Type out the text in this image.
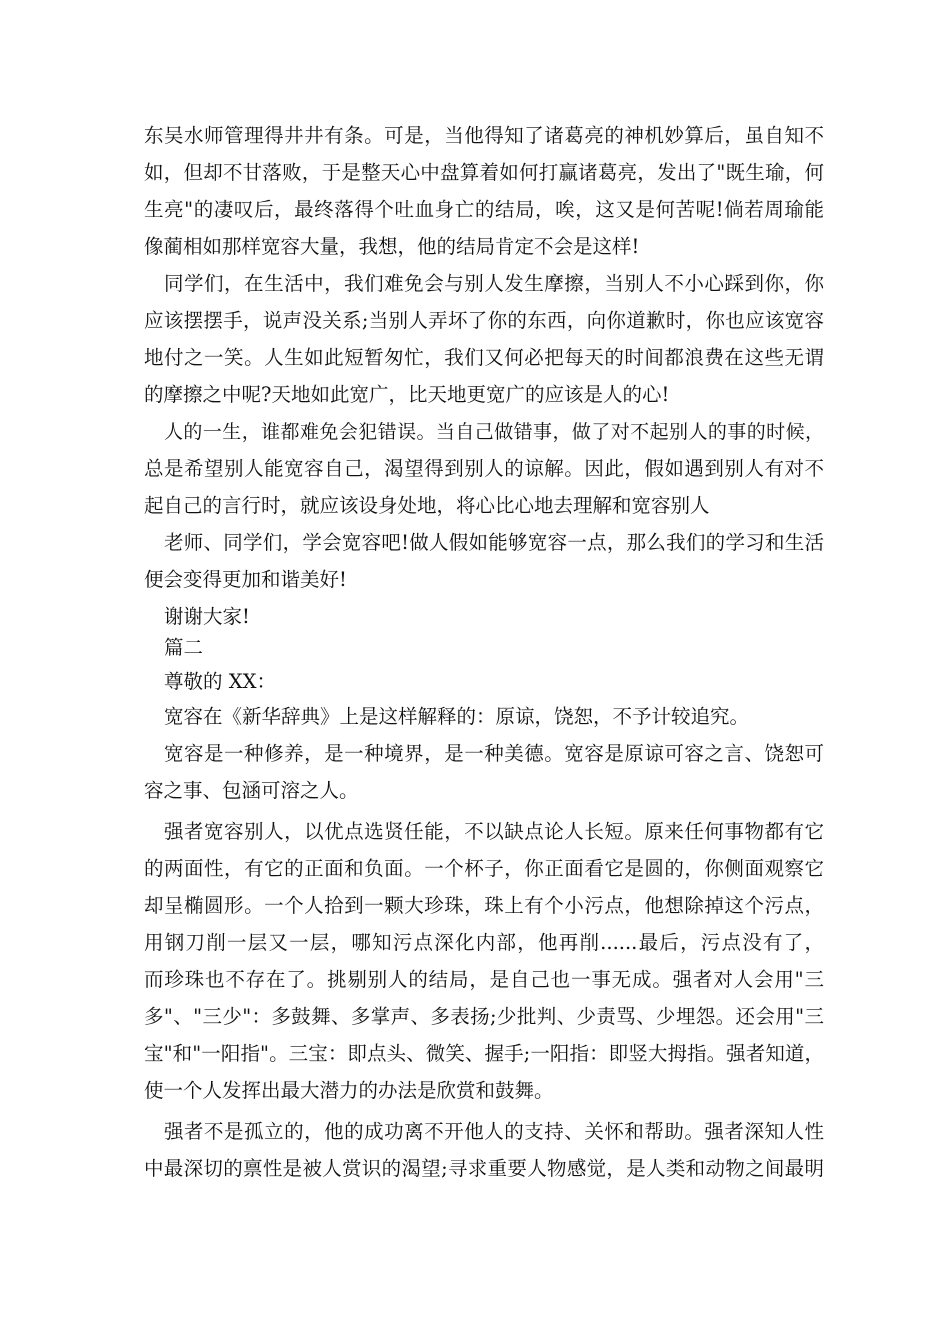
东吴水师管理得井井有条。可是，当他得知了诸葛亮的神机妙算后，虽自知不
如，但却不甘落败，于是整天心中盘算着如何打赢诸葛亮，发出了"既生瑜，何
生亮"的凄叹后，最终落得个吐血身亡的结局，唉，这又是何苦呢!倘若周瑜能
像蔺相如那样宽容大量，我想，他的结局肯定不会是这样!
同学们，在生活中，我们难免会与别人发生摩擦，当别人不小心踩到你，你
应该摆摆手，说声没关系;当别人弄坏了你的东西，向你道歉时，你也应该宽容
地付之一笑。人生如此短暂匆忙，我们又何必把每天的时间都浪费在这些无谓
的摩擦之中呢?天地如此宽广，比天地更宽广的应该是人的心!
人的一生，谁都难免会犯错误。当自己做错事，做了对不起别人的事的时候，
总是希望别人能宽容自己，渴望得到别人的谅解。因此，假如遇到别人有对不
起自己的言行时，就应该设身处地，将心比心地去理解和宽容别人
老师、同学们，学会宽容吧!做人假如能够宽容一点，那么我们的学习和生活
便会变得更加和谐美好!
谢谢大家!
篇二
尊敬的 XX：
宽容在《新华辞典》上是这样解释的：原谅，饶恕，不予计较追究。
宽容是一种修养，是一种境界，是一种美德。宽容是原谅可容之言、饶恕可
容之事、包涵可溶之人。
强者宽容别人，以优点选贤任能，不以缺点论人长短。原来任何事物都有它
的两面性，有它的正面和负面。一个杯子，你正面看它是圆的，你侧面观察它
却呈椭圆形。一个人拾到一颗大珍珠，珠上有个小污点，他想除掉这个污点，
用钢刀削一层又一层，哪知污点深化内部，他再削......最后，污点没有了，
而珍珠也不存在了。挑剔别人的结局，是自己也一事无成。强者对人会用"三
多"、"三少"：多鼓舞、多掌声、多表扬;少批判、少责骂、少埋怨。还会用"三
宝"和"一阳指"。三宝：即点头、微笑、握手;一阳指：即竖大拇指。强者知道，
使一个人发挥出最大潜力的办法是欣赏和鼓舞。
强者不是孤立的，他的成功离不开他人的支持、关怀和帮助。强者深知人性
中最深切的禀性是被人赏识的渴望;寻求重要人物感觉，是人类和动物之间最明
